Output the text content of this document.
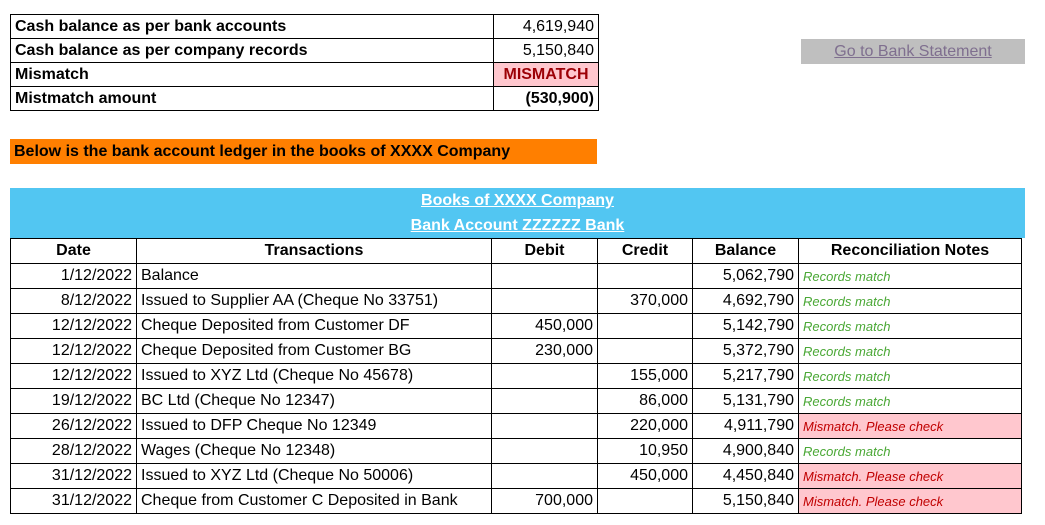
Cash balance as per bank accounts	4,619,940
Cash balance as per company records	5,150,840
Mismatch	MISMATCH
Mistmatch amount	(530,900)
Go to Bank Statement
Below is the bank account ledger in the books of XXXX Company
Books of XXXX Company
Bank Account ZZZZZZ Bank
Date	Transactions	Debit	Credit	Balance	Reconciliation Notes
1/12/2022	Balance			5,062,790	Records match
8/12/2022	Issued to Supplier AA (Cheque No 33751)		370,000	4,692,790	Records match
12/12/2022	Cheque Deposited from Customer DF	450,000		5,142,790	Records match
12/12/2022	Cheque Deposited from Customer BG	230,000		5,372,790	Records match
12/12/2022	Issued to XYZ Ltd (Cheque No 45678)		155,000	5,217,790	Records match
19/12/2022	BC Ltd (Cheque No 12347)		86,000	5,131,790	Records match
26/12/2022	Issued to DFP Cheque No 12349		220,000	4,911,790	Mismatch. Please check
28/12/2022	Wages (Cheque No 12348)		10,950	4,900,840	Records match
31/12/2022	Issued to XYZ Ltd (Cheque No 50006)		450,000	4,450,840	Mismatch. Please check
31/12/2022	Cheque from Customer C Deposited in Bank	700,000		5,150,840	Mismatch. Please check
